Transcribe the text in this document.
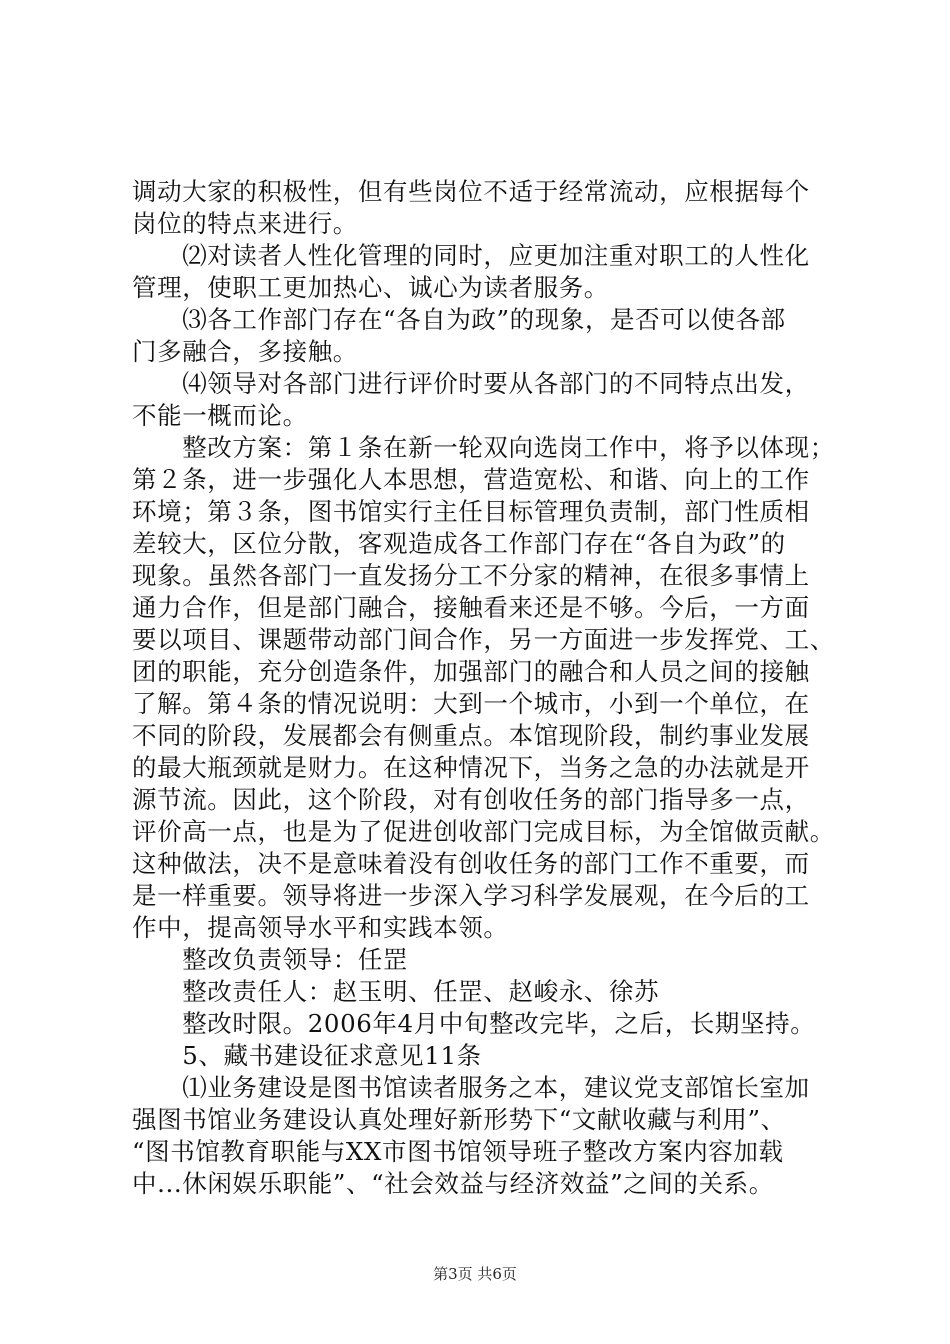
调动大家的积极性，但有些岗位不适于经常流动，应根据每个
岗位的特点来进行。
　　⑵对读者人性化管理的同时，应更加注重对职工的人性化
管理，使职工更加热心、诚心为读者服务。
　　⑶各工作部门存在“各自为政”的现象，是否可以使各部
门多融合，多接触。
　　⑷领导对各部门进行评价时要从各部门的不同特点出发，
不能一概而论。
　　整改方案：第１条在新一轮双向选岗工作中，将予以体现；
第２条，进一步强化人本思想，营造宽松、和谐、向上的工作
环境；第３条，图书馆实行主任目标管理负责制，部门性质相
差较大，区位分散，客观造成各工作部门存在“各自为政”的
现象。虽然各部门一直发扬分工不分家的精神，在很多事情上
通力合作，但是部门融合，接触看来还是不够。今后，一方面
要以项目、课题带动部门间合作，另一方面进一步发挥党、工、
团的职能，充分创造条件，加强部门的融合和人员之间的接触
了解。第４条的情况说明：大到一个城市，小到一个单位，在
不同的阶段，发展都会有侧重点。本馆现阶段，制约事业发展
的最大瓶颈就是财力。在这种情况下，当务之急的办法就是开
源节流。因此，这个阶段，对有创收任务的部门指导多一点，
评价高一点，也是为了促进创收部门完成目标，为全馆做贡献。
这种做法，决不是意味着没有创收任务的部门工作不重要，而
是一样重要。领导将进一步深入学习科学发展观，在今后的工
作中，提高领导水平和实践本领。
　　整改负责领导：任罡
　　整改责任人：赵玉明、任罡、赵峻永、徐苏
　　整改时限。2006年4月中旬整改完毕，之后，长期坚持。
　　5、藏书建设征求意见11条
　　⑴业务建设是图书馆读者服务之本，建议党支部馆长室加
强图书馆业务建设认真处理好新形势下“文献收藏与利用”、
“图书馆教育职能与XX市图书馆领导班子整改方案内容加载
中...休闲娱乐职能”、“社会效益与经济效益”之间的关系。
第3页 共6页
